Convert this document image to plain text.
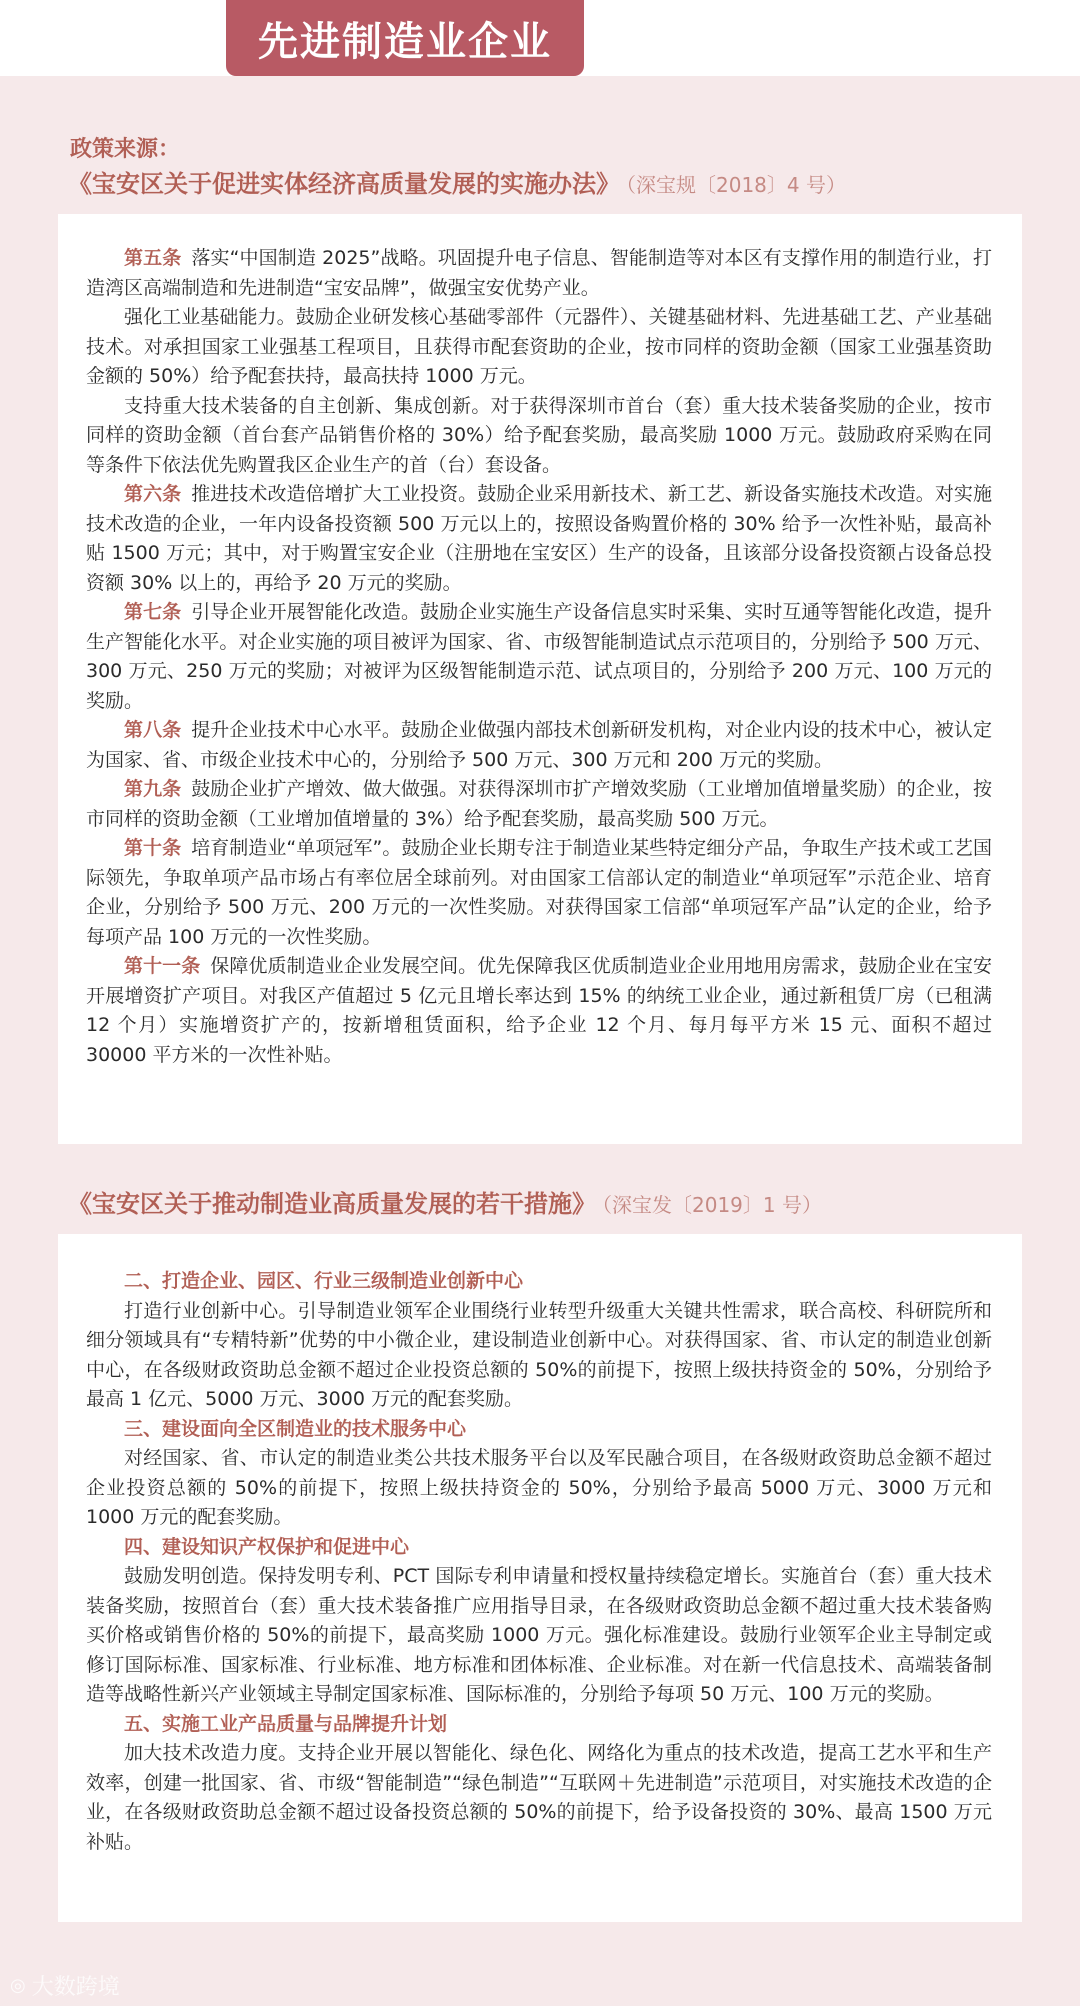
先进制造业企业
政策来源：
《宝安区关于促进实体经济高质量发展的实施办法》 （深宝规〔2018〕4 号）

第五条 落实“中国制造 2025”战略。巩固提升电子信息、智能制造等对本区有支撑作用的制造行业，打造湾区高端制造和先进制造“宝安品牌”，做强宝安优势产业。

强化工业基础能力。鼓励企业研发核心基础零部件（元器件）、关键基础材料、先进基础工艺、产业基础技术。对承担国家工业强基工程项目，且获得市配套资助的企业，按市同样的资助金额（国家工业强基资助金额的 50%）给予配套扶持，最高扶持 1000 万元。

支持重大技术装备的自主创新、集成创新。对于获得深圳市首台（套）重大技术装备奖励的企业，按市同样的资助金额（首台套产品销售价格的 30%）给予配套奖励，最高奖励 1000 万元。鼓励政府采购在同等条件下依法优先购置我区企业生产的首（台）套设备。

第六条 推进技术改造倍增扩大工业投资。鼓励企业采用新技术、新工艺、新设备实施技术改造。对实施技术改造的企业，一年内设备投资额 500 万元以上的，按照设备购置价格的 30% 给予一次性补贴，最高补贴 1500 万元；其中，对于购置宝安企业（注册地在宝安区）生产的设备，且该部分设备投资额占设备总投资额 30% 以上的，再给予 20 万元的奖励。

第七条 引导企业开展智能化改造。鼓励企业实施生产设备信息实时采集、实时互通等智能化改造，提升生产智能化水平。对企业实施的项目被评为国家、省、市级智能制造试点示范项目的，分别给予 500 万元、300 万元、250 万元的奖励；对被评为区级智能制造示范、试点项目的，分别给予 200 万元、100 万元的奖励。

第八条 提升企业技术中心水平。鼓励企业做强内部技术创新研发机构，对企业内设的技术中心，被认定为国家、省、市级企业技术中心的，分别给予 500 万元、300 万元和 200 万元的奖励。

第九条 鼓励企业扩产增效、做大做强。对获得深圳市扩产增效奖励（工业增加值增量奖励）的企业，按市同样的资助金额（工业增加值增量的 3%）给予配套奖励，最高奖励 500 万元。

第十条 培育制造业“单项冠军”。鼓励企业长期专注于制造业某些特定细分产品，争取生产技术或工艺国际领先，争取单项产品市场占有率位居全球前列。对由国家工信部认定的制造业“单项冠军”示范企业、培育企业，分别给予 500 万元、200 万元的一次性奖励。对获得国家工信部“单项冠军产品”认定的企业，给予每项产品 100 万元的一次性奖励。

第十一条 保障优质制造业企业发展空间。优先保障我区优质制造业企业用地用房需求，鼓励企业在宝安开展增资扩产项目。对我区产值超过 5 亿元且增长率达到 15% 的纳统工业企业，通过新租赁厂房（已租满 12 个月）实施增资扩产的，按新增租赁面积，给予企业 12 个月、每月每平方米 15 元、面积不超过 30000 平方米的一次性补贴。

《宝安区关于推动制造业高质量发展的若干措施》 （深宝发〔2019〕1 号）

二、打造企业、园区、行业三级制造业创新中心

打造行业创新中心。引导制造业领军企业围绕行业转型升级重大关键共性需求，联合高校、科研院所和细分领域具有“专精特新”优势的中小微企业，建设制造业创新中心。对获得国家、省、市认定的制造业创新中心，在各级财政资助总金额不超过企业投资总额的 50%的前提下，按照上级扶持资金的 50%，分别给予最高 1 亿元、5000 万元、3000 万元的配套奖励。

三、建设面向全区制造业的技术服务中心

对经国家、省、市认定的制造业类公共技术服务平台以及军民融合项目，在各级财政资助总金额不超过企业投资总额的 50%的前提下，按照上级扶持资金的 50%，分别给予最高 5000 万元、3000 万元和 1000 万元的配套奖励。

四、建设知识产权保护和促进中心

鼓励发明创造。保持发明专利、PCT 国际专利申请量和授权量持续稳定增长。实施首台（套）重大技术装备奖励，按照首台（套）重大技术装备推广应用指导目录，在各级财政资助总金额不超过重大技术装备购买价格或销售价格的 50%的前提下，最高奖励 1000 万元。强化标准建设。鼓励行业领军企业主导制定或修订国际标准、国家标准、行业标准、地方标准和团体标准、企业标准。对在新一代信息技术、高端装备制造等战略性新兴产业领域主导制定国家标准、国际标准的，分别给予每项 50 万元、100 万元的奖励。

五、实施工业产品质量与品牌提升计划

加大技术改造力度。支持企业开展以智能化、绿色化、网络化为重点的技术改造，提高工艺水平和生产效率，创建一批国家、省、市级“智能制造”“绿色制造”“互联网＋先进制造”示范项目，对实施技术改造的企业，在各级财政资助总金额不超过设备投资总额的 50%的前提下，给予设备投资的 30%、最高 1500 万元补贴。

◎ 大数跨境
